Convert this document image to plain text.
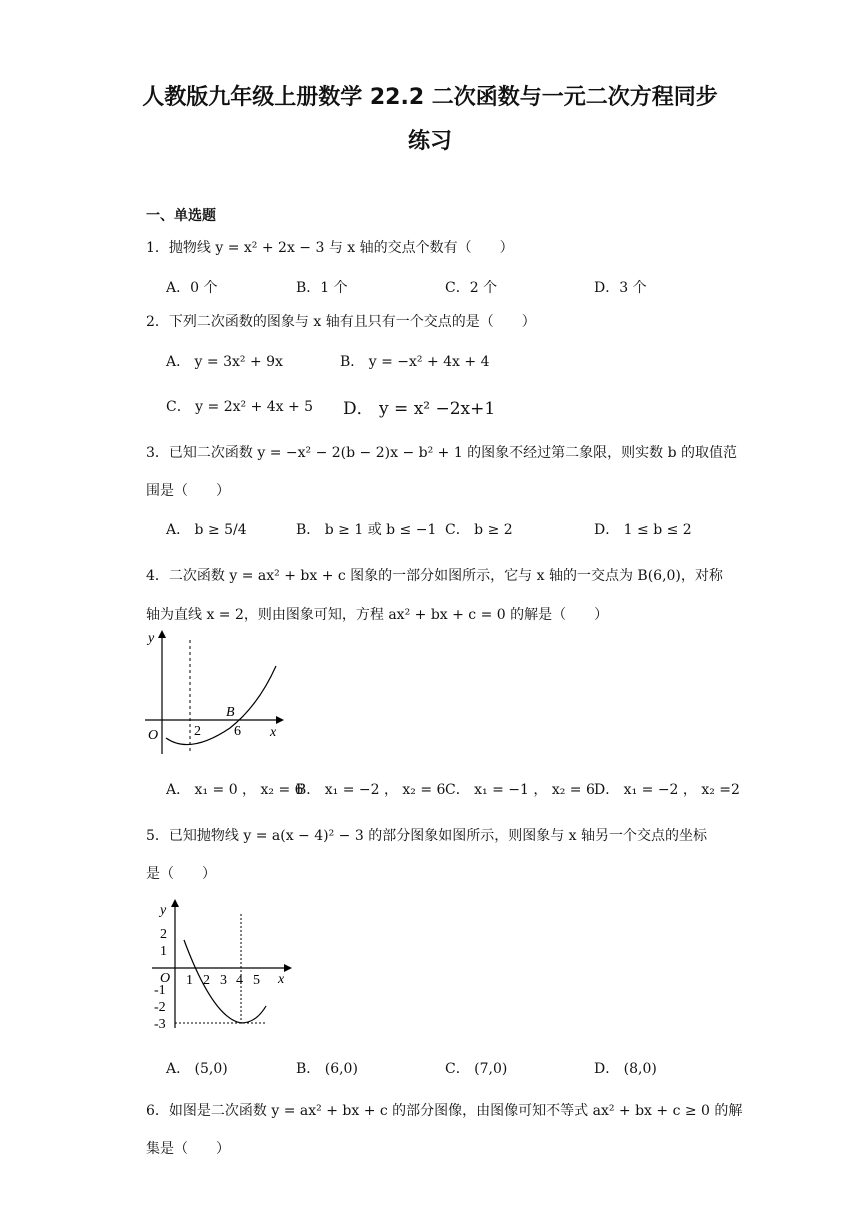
人教版九年级上册数学 22.2 二次函数与一元二次方程同步
练习
一、单选题
1．抛物线 y = x² + 2x − 3 与 x 轴的交点个数有（　　）
A．0 个	B．1 个	C．2 个	D．3 个
2．下列二次函数的图象与 x 轴有且只有一个交点的是（　　）
A． y = 3x² + 9x	B． y = −x² + 4x + 4
C． y = 2x² + 4x + 5 D． y = x² −2x+1
3．已知二次函数 y = −x² − 2(b − 2)x − b² + 1 的图象不经过第二象限，则实数 b 的取值范
围是（　　）
A． b ≥ 5/4	B． b ≥ 1 或 b ≤ −1 C． b ≥ 2	D． 1 ≤ b ≤ 2
4．二次函数 y = ax² + bx + c 图象的一部分如图所示，它与 x 轴的一交点为 B(6,0)，对称
轴为直线 x = 2，则由图象可知，方程 ax² + bx + c = 0 的解是（　　）
y
O	x
2 6
B
A． x₁ = 0 ， x₂ = 6
B． x₁ = −2 ， x₂ = 6 C． x₁ = −1 ， x₂ = 6 D． x₁ = −2 ， x₂ =2
5．已知抛物线 y = a(x − 4)² − 3 的部分图象如图所示，则图象与 x 轴另一个交点的坐标
是（　　）
y
x
O 1 2 3 4 5
2
1
-1
-2
-3
A． (5,0)	B． (6,0)	C． (7,0)	D． (8,0)
6．如图是二次函数 y = ax² + bx + c 的部分图像，由图像可知不等式 ax² + bx + c ≥ 0 的解
集是（　　）
